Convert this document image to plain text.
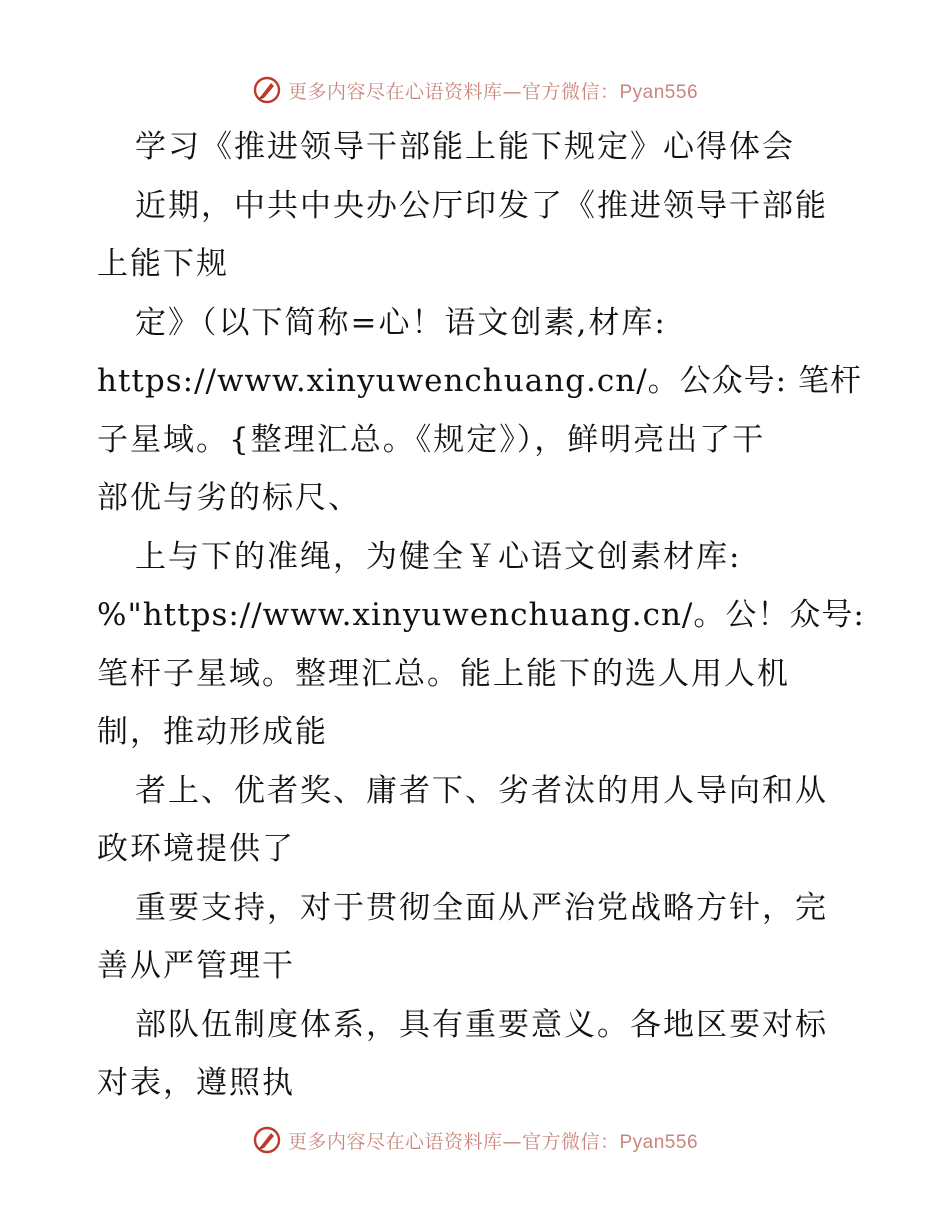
更多内容尽在心语资料库—官方微信：Pyan556
学习《推进领导干部能上能下规定》心得体会
近期，中共中央办公厅印发了《推进领导干部能
上能下规
定》（以下简称=心！语文创素,材库:
https://www.xinyuwenchuang.cn/。公众号: 笔杆
子星域。{整理汇总。《规定》），鲜明亮出了干
部优与劣的标尺、
上与下的准绳，为健全￥心语文创素材库:
%"https://www.xinyuwenchuang.cn/。公！众号:
笔杆子星域。整理汇总。能上能下的选人用人机
制，推动形成能
者上、优者奖、庸者下、劣者汰的用人导向和从
政环境提供了
重要支持，对于贯彻全面从严治党战略方针，完
善从严管理干
部队伍制度体系，具有重要意义。各地区要对标
对表，遵照执
更多内容尽在心语资料库—官方微信：Pyan556
